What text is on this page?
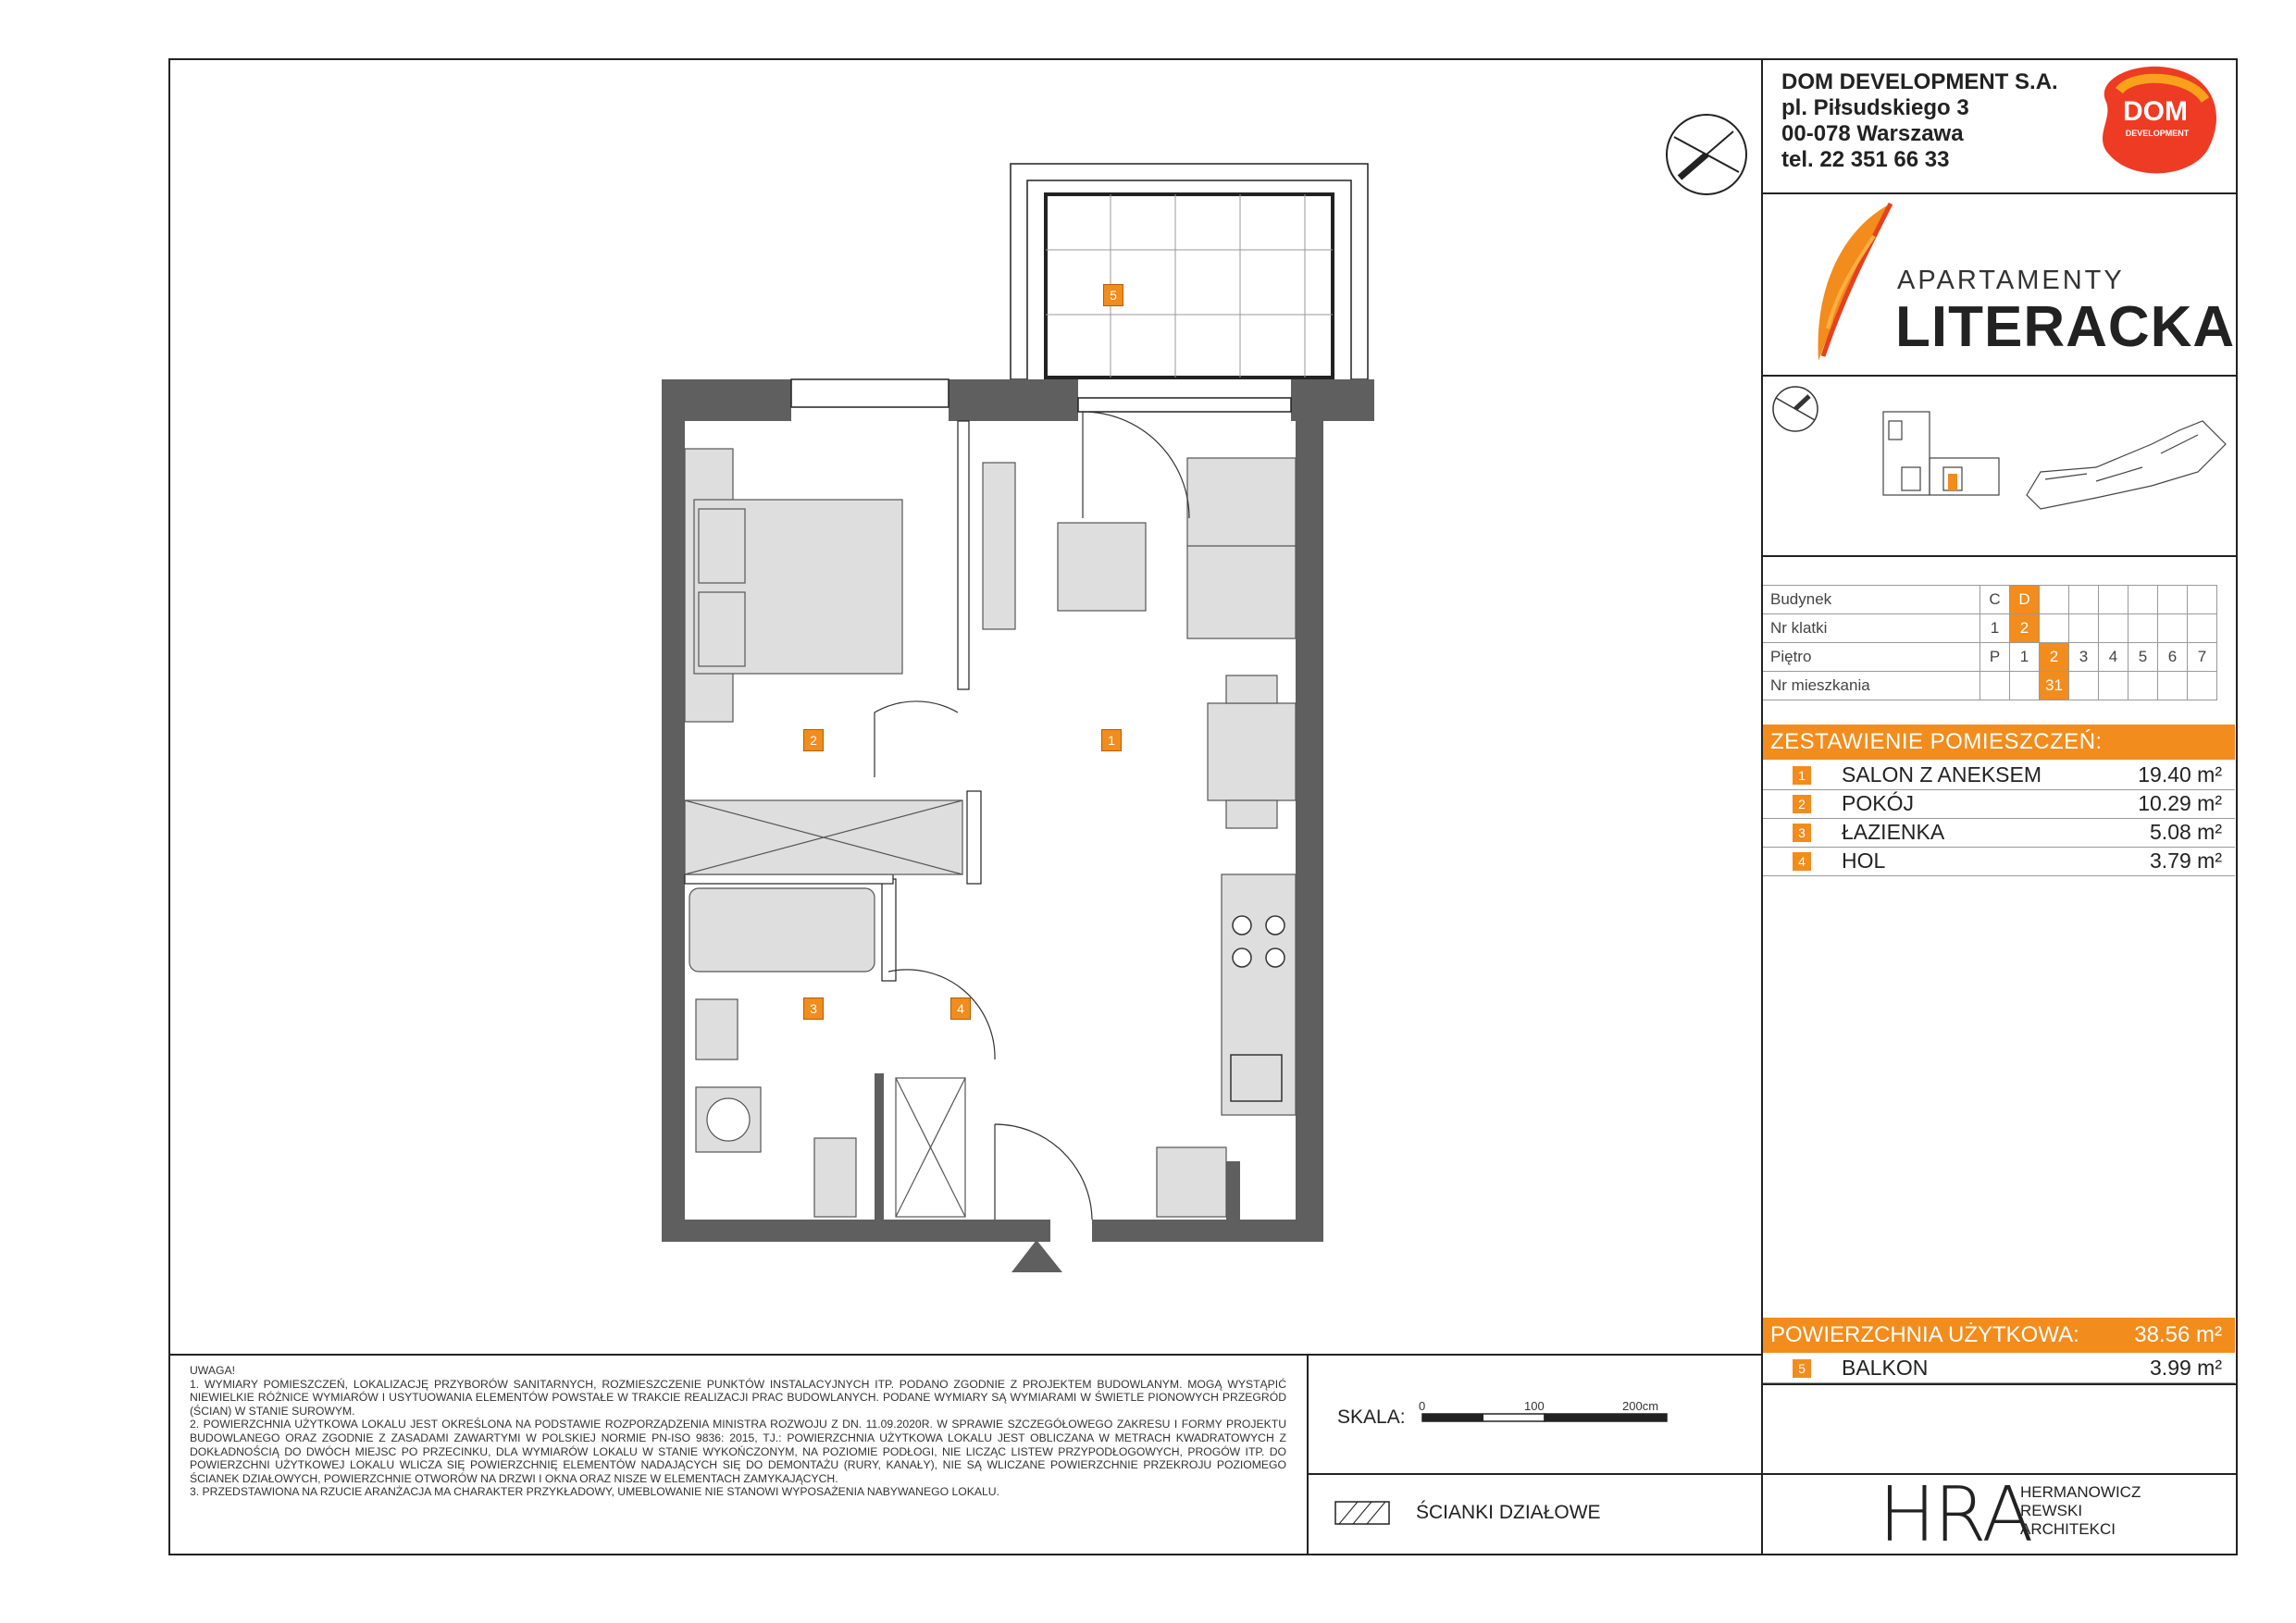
DOM DEVELOPMENT S.A.
pl. Piłsudskiego 3
00-078 Warszawa
tel. 22 351 66 33
DOM
DEVELOPMENT
APARTAMENTY
LITERACKA
Budynek	C	D						
Nr klatki	1	2						
Piętro	P	1	2	3	4	5	6	7
Nr mieszkania			31					
ZESTAWIENIE POMIESZCZEŃ:
1 SALON Z ANEKSEM	19.40 m²
2 POKÓJ	10.29 m²
3 ŁAZIENKA	5.08 m²
4 HOL	3.79 m²
POWIERZCHNIA UŻYTKOWA: 38.56 m²
5 BALKON	3.99 m²
UWAGA!
1. WYMIARY POMIESZCZEŃ, LOKALIZACJĘ PRZYBORÓW SANITARNYCH, ROZMIESZCZENIE PUNKTÓW INSTALACYJNYCH ITP. PODANO ZGODNIE Z PROJEKTEM BUDOWLANYM. MOGĄ WYSTĄPIĆ NIEWIELKIE RÓŻNICE WYMIARÓW I USYTUOWANIA ELEMENTÓW POWSTAŁE W TRAKCIE REALIZACJI PRAC BUDOWLANYCH. PODANE WYMIARY SĄ WYMIARAMI W ŚWIETLE PIONOWYCH PRZEGRÓD (ŚCIAN) W STANIE SUROWYM.
2. POWIERZCHNIA UŻYTKOWA LOKALU JEST OKREŚLONA NA PODSTAWIE ROZPORZĄDZENIA MINISTRA ROZWOJU Z DN. 11.09.2020R. W SPRAWIE SZCZEGÓŁOWEGO ZAKRESU I FORMY PROJEKTU BUDOWLANEGO ORAZ ZGODNIE Z ZASADAMI ZAWARTYMI W POLSKIEJ NORMIE PN-ISO 9836: 2015, TJ.: POWIERZCHNIA UŻYTKOWA LOKALU JEST OBLICZANA W METRACH KWADRATOWYCH Z DOKŁADNOŚCIĄ DO DWÓCH MIEJSC PO PRZECINKU, DLA WYMIARÓW LOKALU W STANIE WYKOŃCZONYM, NA POZIOMIE PODŁOGI, NIE LICZĄC LISTEW PRZYPODŁOGOWYCH, PROGÓW ITP. DO POWIERZCHNI UŻYTKOWEJ LOKALU WLICZA SIĘ POWIERZCHNIĘ ELEMENTÓW NADAJĄCYCH SIĘ DO DEMONTAŻU (RURY, KANAŁY), NIE SĄ WLICZANE POWIERZCHNIE PRZEKROJU POZIOMEGO ŚCIANEK DZIAŁOWYCH, POWIERZCHNIE OTWORÓW NA DRZWI I OKNA ORAZ NISZE W ELEMENTACH ZAMYKAJĄCYCH.
3. PRZEDSTAWIONA NA RZUCIE ARANŻACJA MA CHARAKTER PRZYKŁADOWY, UMEBLOWANIE NIE STANOWI WYPOSAŻENIA NABYWANEGO LOKALU.
SKALA:
0	100	200cm
ŚCIANKI DZIAŁOWE	HRA
HERMANOWICZ
REWSKI
ARCHITEKCI
1
2
3	4
5
